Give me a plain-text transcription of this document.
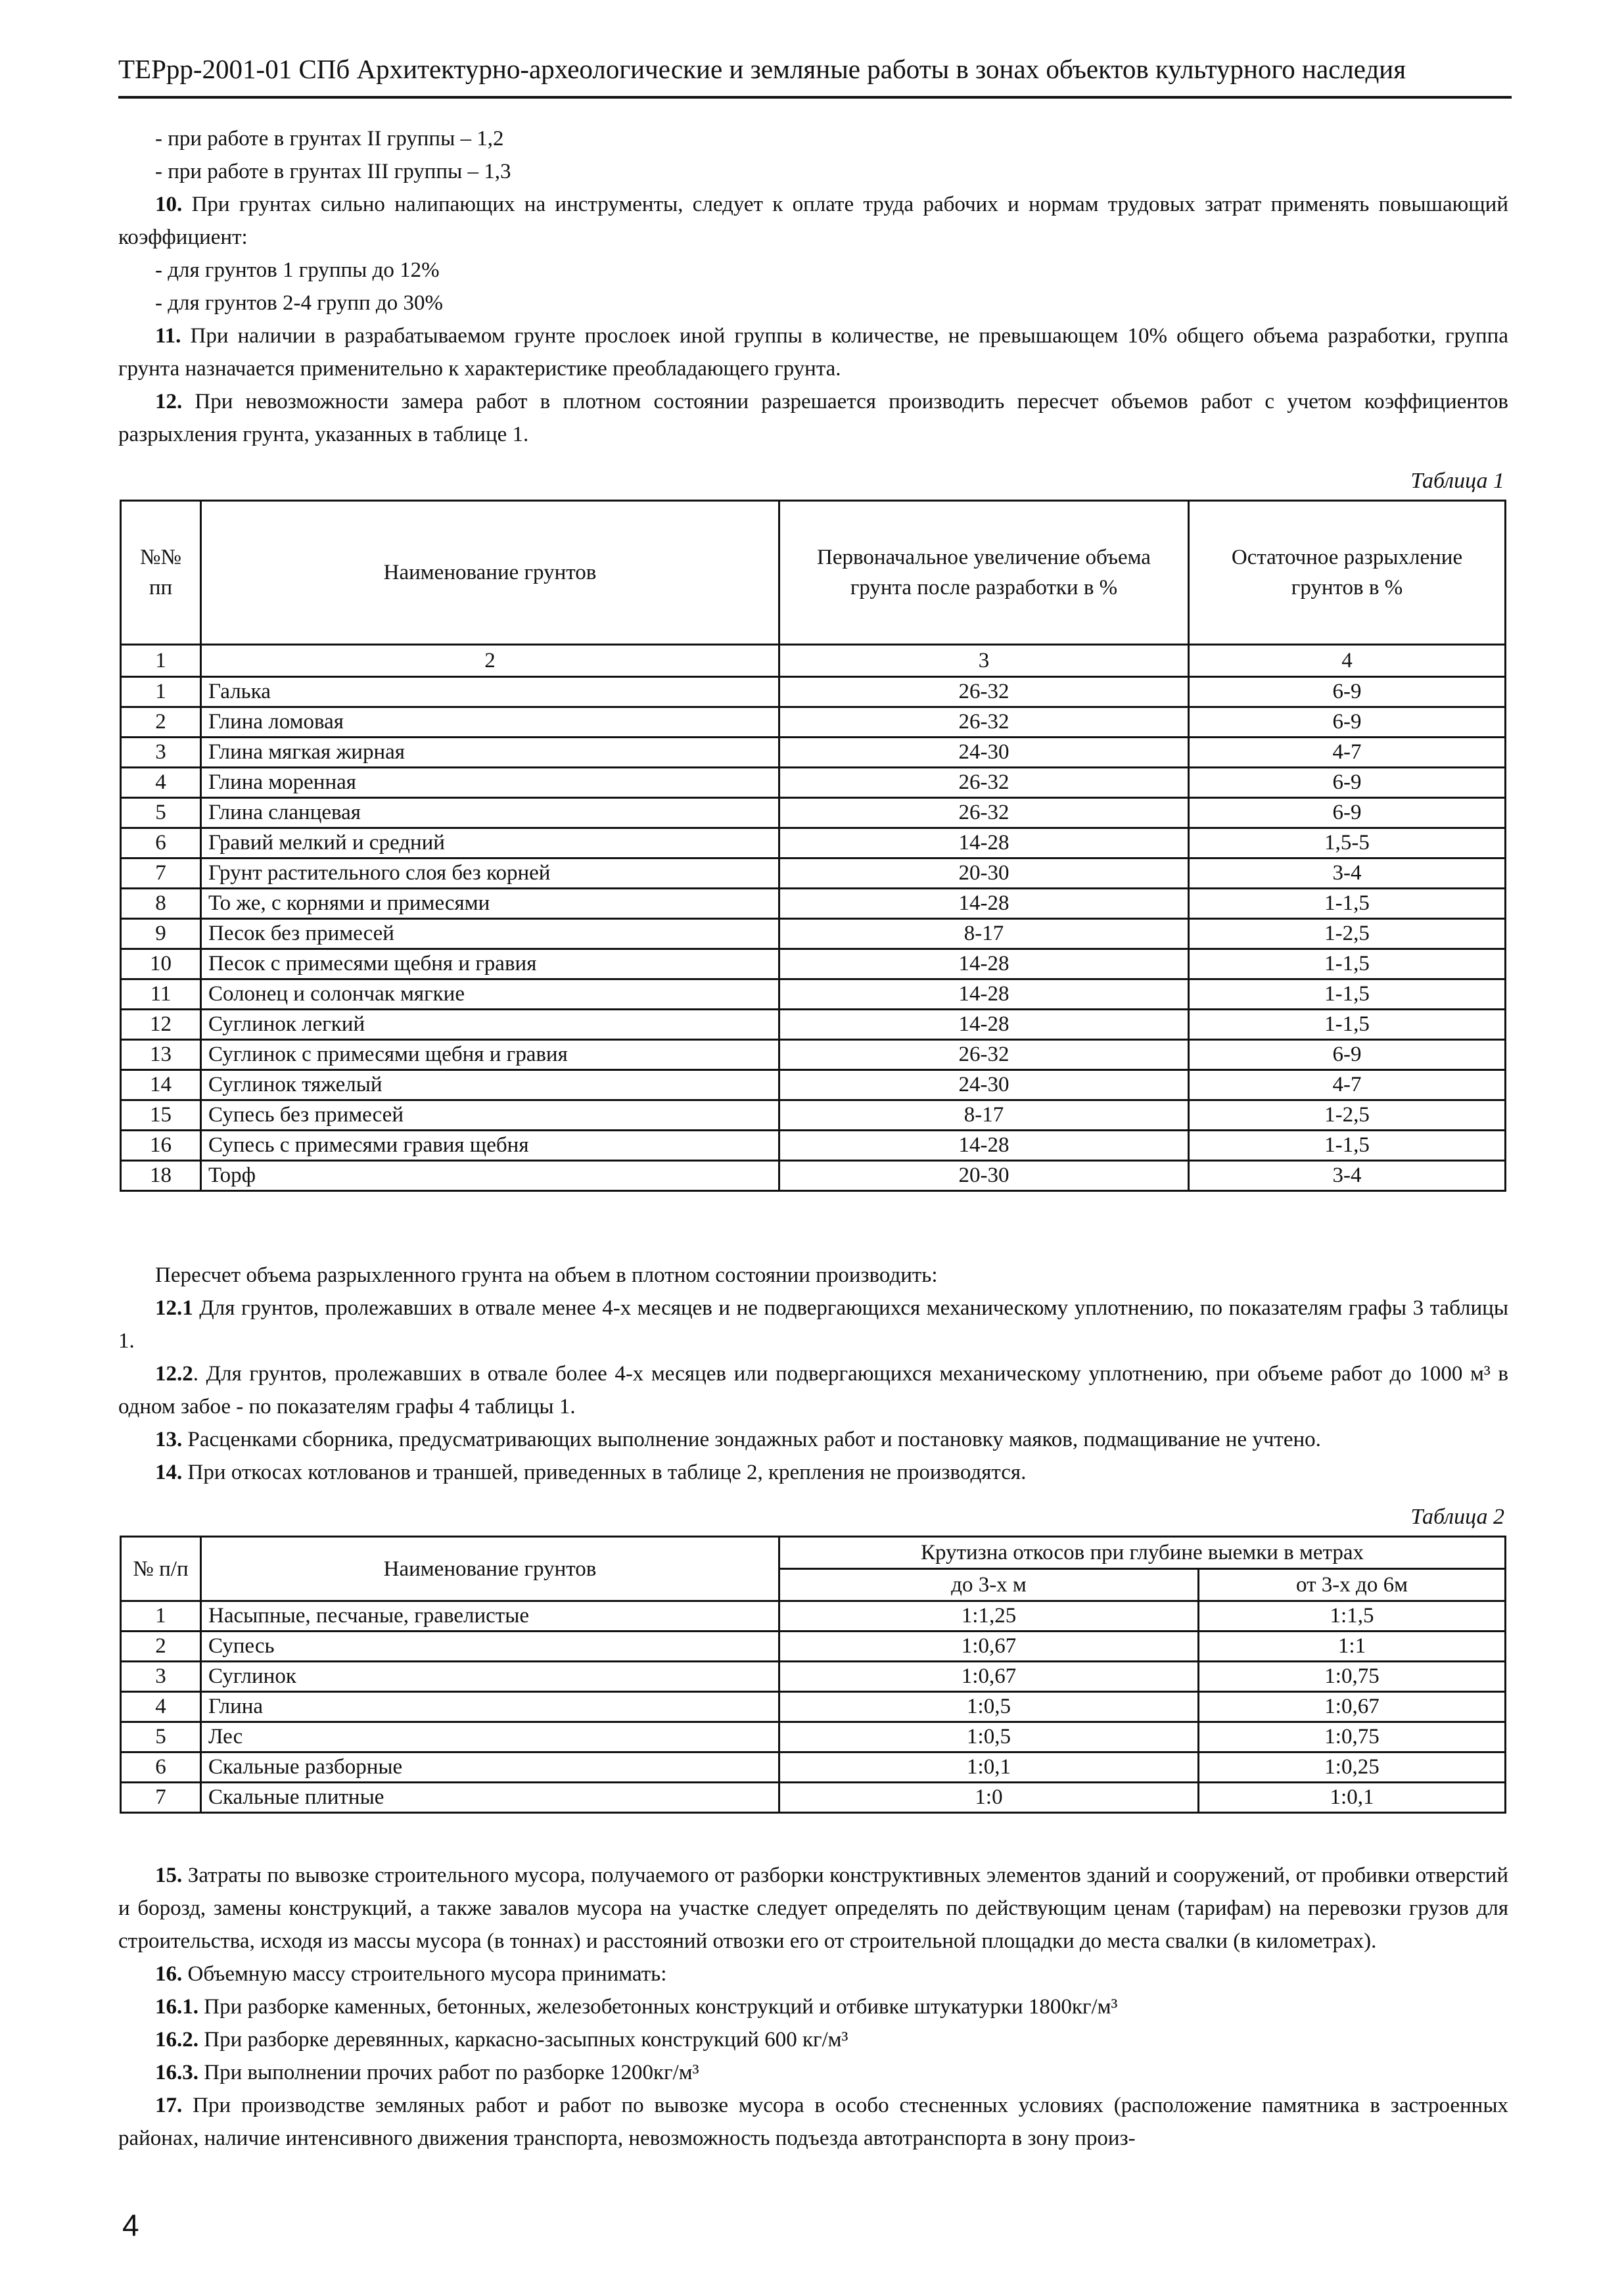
ТЕРрр-2001-01 СПб Архитектурно-археологические и земляные работы в зонах объектов культурного наследия

- при работе в грунтах II группы – 1,2

- при работе в грунтах III группы – 1,3

10. При грунтах сильно налипающих на инструменты, следует к оплате труда рабочих и нормам трудовых затрат применять повышающий коэффициент:

- для грунтов 1 группы до 12%

- для грунтов 2-4 групп до 30%

11. При наличии в разрабатываемом грунте прослоек иной группы в количестве, не превышающем 10% общего объема разработки, группа грунта назначается применительно к характеристике преобладающего грунта.

12. При невозможности замера работ в плотном состоянии разрешается производить пересчет объемов работ с учетом коэффициентов разрыхления грунта, указанных в таблице 1.

Таблица 1
№№ пп	Наименование грунтов	Первоначальное увеличение объема грунта после разработки в %	Остаточное разрыхление грунтов в %
1	2	3	4
1	Галька	26-32	6-9
2	Глина ломовая	26-32	6-9
3	Глина мягкая жирная	24-30	4-7
4	Глина моренная	26-32	6-9
5	Глина сланцевая	26-32	6-9
6	Гравий мелкий и средний	14-28	1,5-5
7	Грунт растительного слоя без корней	20-30	3-4
8	То же, с корнями и примесями	14-28	1-1,5
9	Песок без примесей	8-17	1-2,5
10	Песок с примесями щебня и гравия	14-28	1-1,5
11	Солонец и солончак мягкие	14-28	1-1,5
12	Суглинок легкий	14-28	1-1,5
13	Суглинок с примесями щебня и гравия	26-32	6-9
14	Суглинок тяжелый	24-30	4-7
15	Супесь без примесей	8-17	1-2,5
16	Супесь с примесями гравия щебня	14-28	1-1,5
18	Торф	20-30	3-4

Пересчет объема разрыхленного грунта на объем в плотном состоянии производить:

12.1 Для грунтов, пролежавших в отвале менее 4-х месяцев и не подвергающихся механическому уплотнению, по показателям графы 3 таблицы 1.

12.2. Для грунтов, пролежавших в отвале более 4-х месяцев или подвергающихся механическому уплотнению, при объеме работ до 1000 м³ в одном забое - по показателям графы 4 таблицы 1.

13. Расценками сборника, предусматривающих выполнение зондажных работ и постановку маяков, подмащивание не учтено.

14. При откосах котлованов и траншей, приведенных в таблице 2, крепления не производятся.

Таблица 2
№ п/п	Наименование грунтов	Крутизна откосов при глубине выемки в метрах	
		до 3-х м	от 3-х до 6м
1	Насыпные, песчаные, гравелистые	1:1,25	1:1,5
2	Супесь	1:0,67	1:1
3	Суглинок	1:0,67	1:0,75
4	Глина	1:0,5	1:0,67
5	Лес	1:0,5	1:0,75
6	Скальные разборные	1:0,1	1:0,25
7	Скальные плитные	1:0	1:0,1

15. Затраты по вывозке строительного мусора, получаемого от разборки конструктивных элементов зданий и сооружений, от пробивки отверстий и борозд, замены конструкций, а также завалов мусора на участке следует определять по действующим ценам (тарифам) на перевозки грузов для строительства, исходя из массы мусора (в тоннах) и расстояний отвозки его от строительной площадки до места свалки (в километрах).

16. Объемную массу строительного мусора принимать:

16.1. При разборке каменных, бетонных, железобетонных конструкций и отбивке штукатурки 1800кг/м³

16.2. При разборке деревянных, каркасно-засыпных конструкций 600 кг/м³

16.3. При выполнении прочих работ по разборке 1200кг/м³

17. При производстве земляных работ и работ по вывозке мусора в особо стесненных условиях (расположение памятника в застроенных районах, наличие интенсивного движения транспорта, невозможность подъезда автотранспорта в зону произ-

4
